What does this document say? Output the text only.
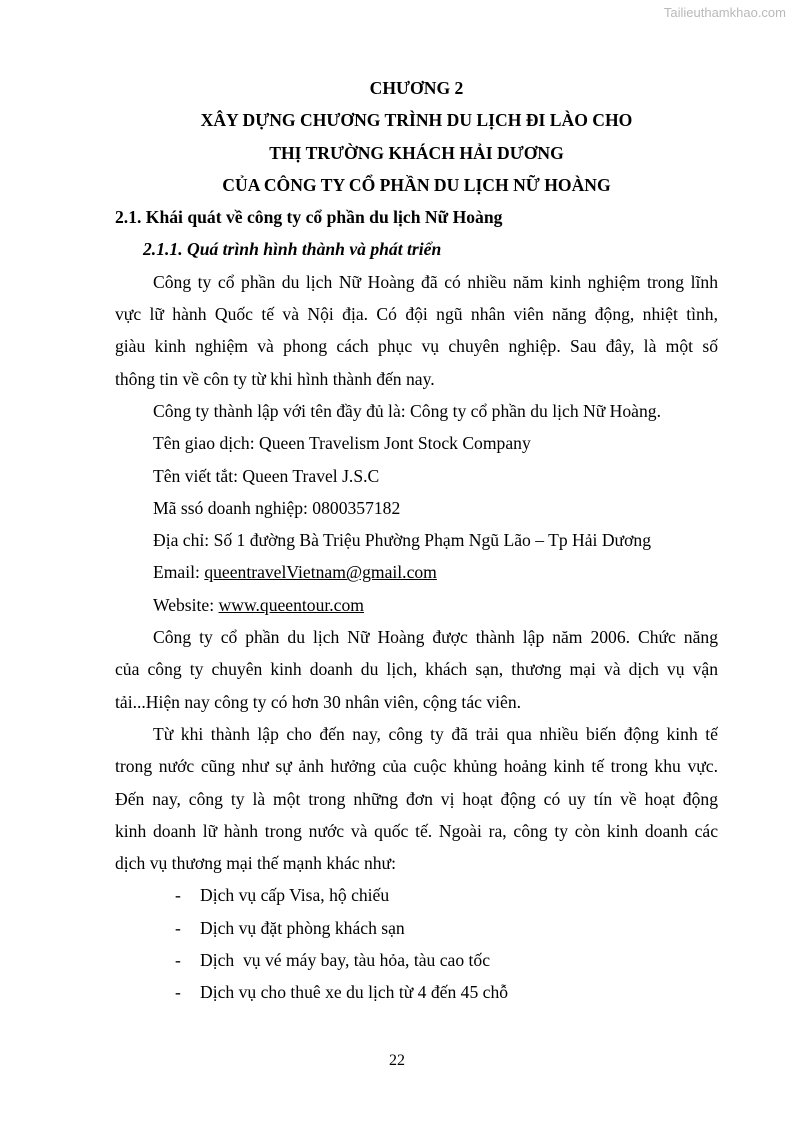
Tailieuthamkhao.com
CHƯƠNG 2
XÂY DỰNG CHƯƠNG TRÌNH DU LỊCH ĐI LÀO CHO
THỊ TRƯỜNG KHÁCH HẢI DƯƠNG
CỦA CÔNG TY CỔ PHẦN DU LỊCH NỮ HOÀNG
2.1. Khái quát về công ty cổ phần du lịch Nữ Hoàng
2.1.1. Quá trình hình thành và phát triển
Công ty cổ phần du lịch Nữ Hoàng đã có nhiều năm kinh nghiệm trong lĩnh
vực lữ hành Quốc tế và Nội địa. Có đội ngũ nhân viên năng động, nhiệt tình,
giàu kinh nghiệm và phong cách phục vụ chuyên nghiệp. Sau đây, là một số
thông tin về côn ty từ khi hình thành đến nay.
Công ty thành lập với tên đầy đủ là: Công ty cổ phần du lịch Nữ Hoàng.
Tên giao dịch: Queen Travelism Jont Stock Company
Tên viết tắt: Queen Travel J.S.C
Mã ssó doanh nghiệp: 0800357182
Địa chỉ: Số 1 đường Bà Triệu Phường Phạm Ngũ Lão – Tp Hải Dương
Email: queentravelVietnam@gmail.com
Website: www.queentour.com
Công ty cổ phần du lịch Nữ Hoàng được thành lập năm 2006. Chức năng
của công ty chuyên kinh doanh du lịch, khách sạn, thương mại và dịch vụ vận
tải...Hiện nay công ty có hơn 30 nhân viên, cộng tác viên.
Từ khi thành lập cho đến nay, công ty đã trải qua nhiều biến động kinh tế
trong nước cũng như sự ảnh hưởng của cuộc khủng hoảng kinh tế trong khu vực.
Đến nay, công ty là một trong những đơn vị hoạt động có uy tín về hoạt động
kinh doanh lữ hành trong nước và quốc tế. Ngoài ra, công ty còn kinh doanh các
dịch vụ thương mại thế mạnh khác như:
- Dịch vụ cấp Visa, hộ chiếu
- Dịch vụ đặt phòng khách sạn
- Dịch  vụ vé máy bay, tàu hỏa, tàu cao tốc
- Dịch vụ cho thuê xe du lịch từ 4 đến 45 chỗ
22
